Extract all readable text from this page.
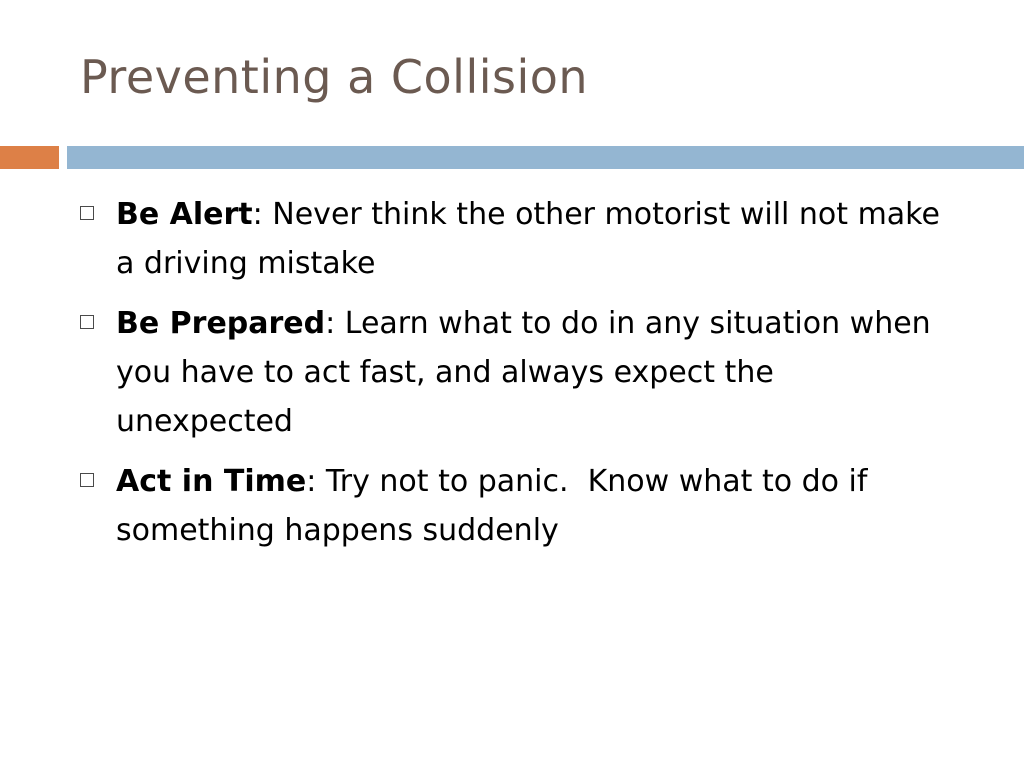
Preventing a Collision
Be Alert: Never think the other motorist will not make a driving mistake
Be Prepared: Learn what to do in any situation when you have to act fast, and always expect the unexpected
Act in Time: Try not to panic.  Know what to do if something happens suddenly
